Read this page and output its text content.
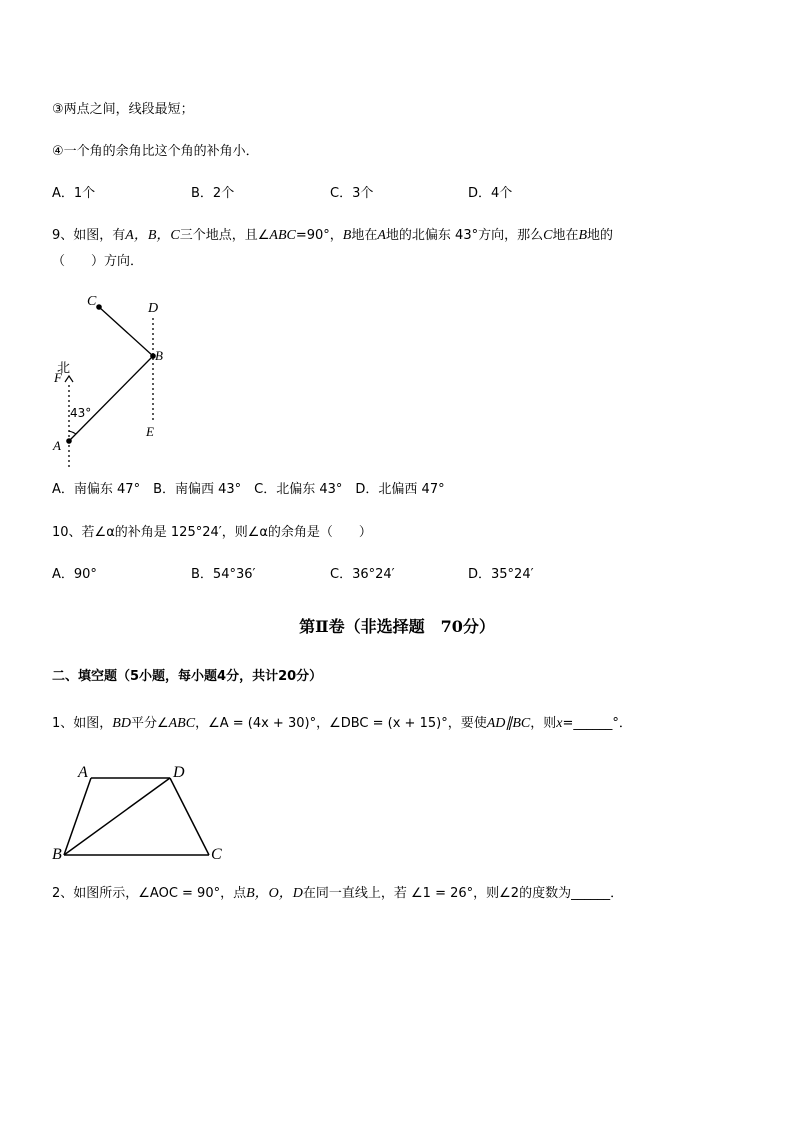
③两点之间，线段最短；
④一个角的余角比这个角的补角小．
A．1个	B．2个	C．3个	D．4个
9、如图，有A，B，C三个地点，且∠ABC=90°，B地在A地的北偏东 43°方向，那么C地在B地的
（　　）方向．
C	D
B
北
F
43°
A
E
A．南偏东 47°　B．南偏西 43°　C．北偏东 43°　D．北偏西 47°
10、若∠α的补角是 125°24′，则∠α的余角是（　　）
A．90°	B．54°36′	C．36°24′	D．35°24′
第Ⅱ卷（非选择题　70分）
二、填空题（5小题，每小题4分，共计20分）
1、如图，BD平分∠ABC，∠A = (4x + 30)°，∠DBC = (x + 15)°，要使AD∥BC，则x=______°．
A	D
B	C
2、如图所示，∠AOC = 90°，点B，O，D在同一直线上，若 ∠1 = 26°，则∠2的度数为______．
